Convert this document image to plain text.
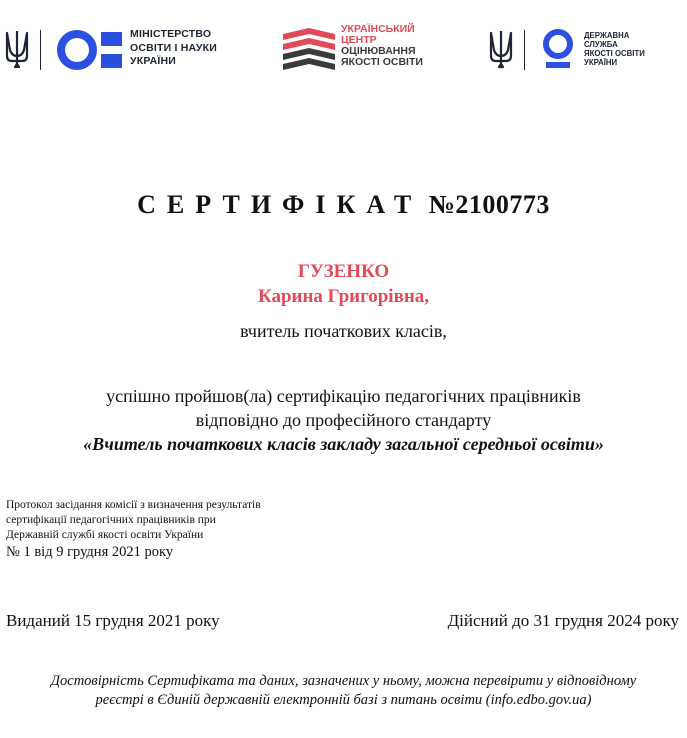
МІНІСТЕРСТВО
ОСВІТИ І НАУКИ
УКРАЇНИ
УКРАЇНСЬКИЙ
ЦЕНТР
ОЦІНЮВАННЯ
ЯКОСТІ ОСВІТИ
ДЕРЖАВНА
СЛУЖБА
ЯКОСТІ ОСВІТИ
УКРАЇНИ
СЕРТИФІКАТ №2100773
ГУЗЕНКО
Карина Григорівна,
вчитель початкових класів,
успішно пройшов(ла) сертифікацію педагогічних працівників
відповідно до професійного стандарту
«Вчитель початкових класів закладу загальної середньої освіти»
Протокол засідання комісії з визначення результатів
сертифікації педагогічних працівників при
Державній службі якості освіти України
№ 1 від 9 грудня 2021 року
Виданий 15 грудня 2021 року	Дійсний до 31 грудня 2024 року
Достовірність Сертифіката та даних, зазначених у ньому, можна перевірити у відповідному
реєстрі в Єдиній державній електронній базі з питань освіти (info.edbo.gov.ua)
